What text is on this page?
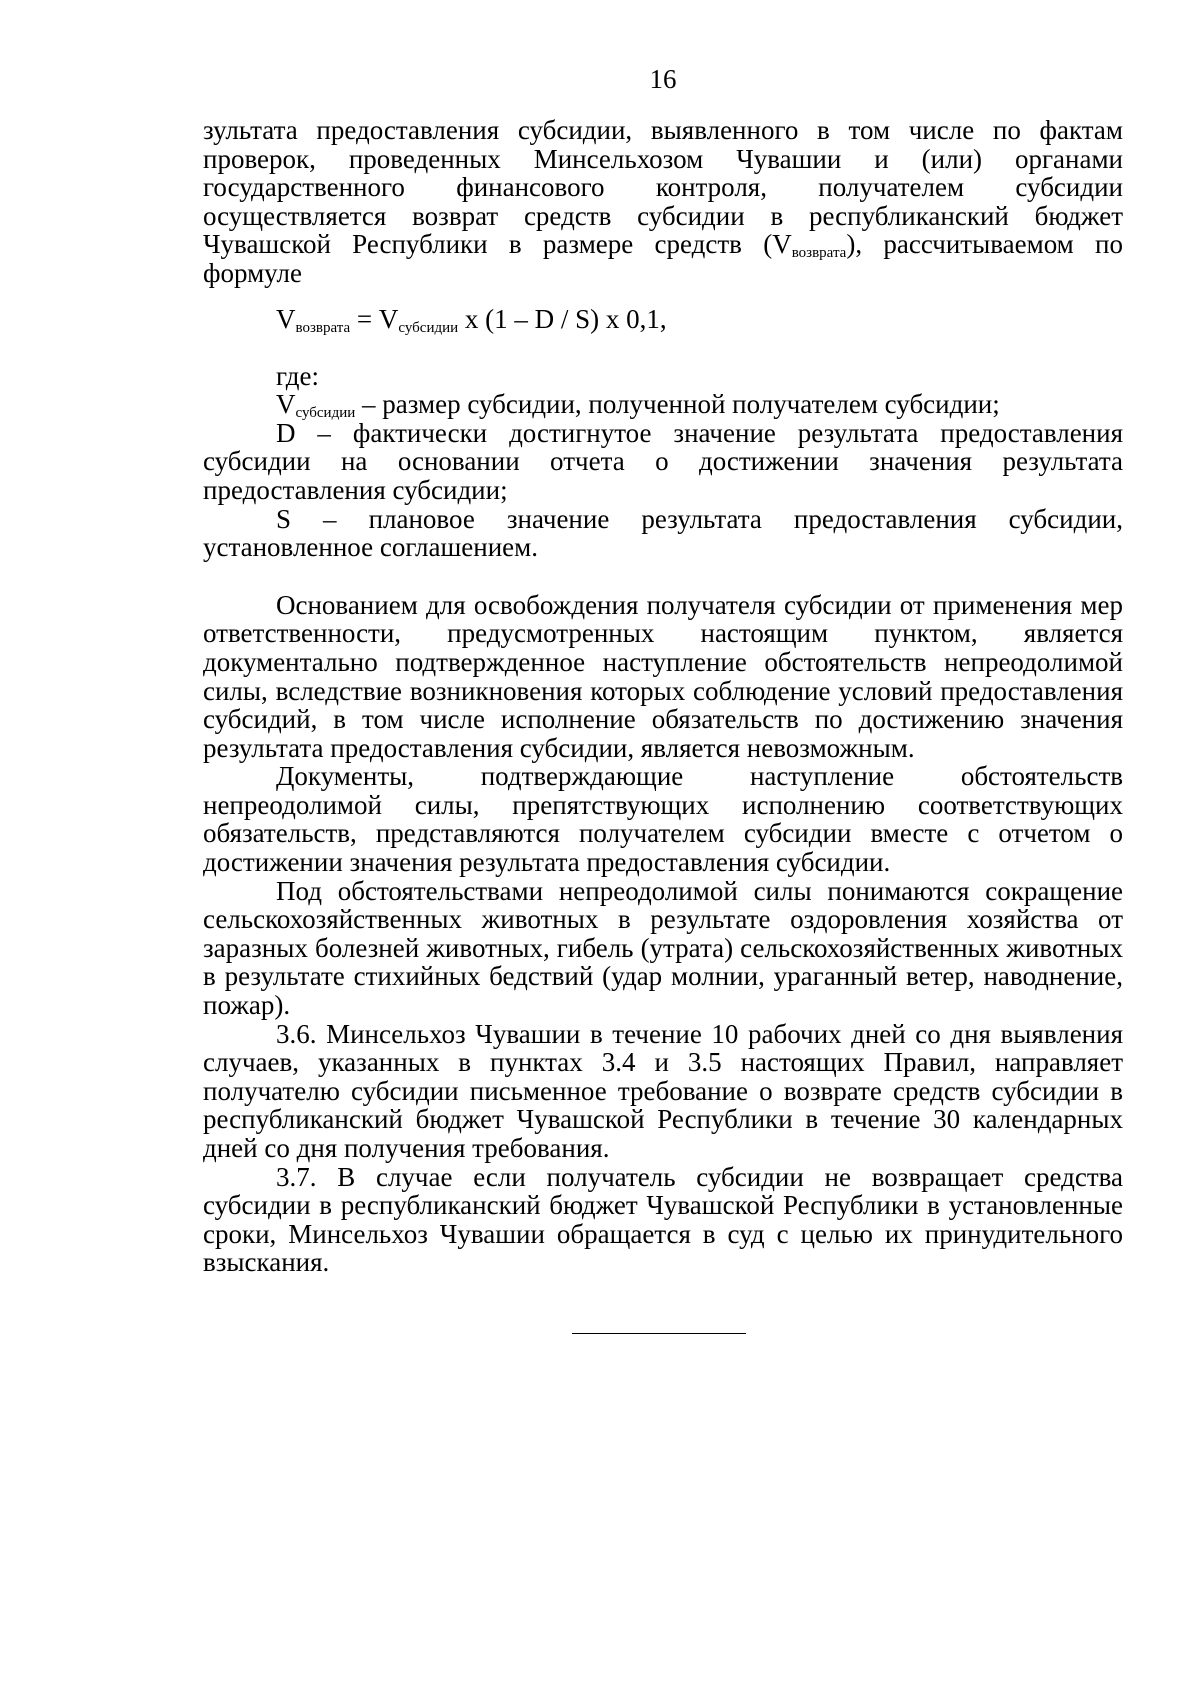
16

зультата предоставления субсидии, выявленного в том числе по фактам проверок, проведенных Минсельхозом Чувашии и (или) органами государственного финансового контроля, получателем субсидии осуществляется возврат средств субсидии в республиканский бюджет Чувашской Республики в размере средств $(V_{возврата})$, рассчитываемом по формуле

$V_{возврата} = V_{субсидии}$ х (1 – D / S) х 0,1,

где:

$V_{субсидии}$ – размер субсидии, полученной получателем субсидии;

D – фактически достигнутое значение результата предоставления субсидии на основании отчета о достижении значения результата предоставления субсидии;

S – плановое значение результата предоставления субсидии, установленное соглашением.

Основанием для освобождения получателя субсидии от применения мер ответственности, предусмотренных настоящим пунктом, является документально подтвержденное наступление обстоятельств непреодолимой силы, вследствие возникновения которых соблюдение условий предоставления субсидий, в том числе исполнение обязательств по достижению значения результата предоставления субсидии, является невозможным.

Документы, подтверждающие наступление обстоятельств непреодолимой силы, препятствующих исполнению соответствующих обязательств, представляются получателем субсидии вместе с отчетом о достижении значения результата предоставления субсидии.

Под обстоятельствами непреодолимой силы понимаются сокращение сельскохозяйственных животных в результате оздоровления хозяйства от заразных болезней животных, гибель (утрата) сельскохозяйственных животных в результате стихийных бедствий (удар молнии, ураганный ветер, наводнение, пожар).

3.6. Минсельхоз Чувашии в течение 10 рабочих дней со дня выявления случаев, указанных в пунктах 3.4 и 3.5 настоящих Правил, направляет получателю субсидии письменное требование о возврате средств субсидии в республиканский бюджет Чувашской Республики в течение 30 календарных дней со дня получения требования.

3.7. В случае если получатель субсидии не возвращает средства субсидии в республиканский бюджет Чувашской Республики в установленные сроки, Минсельхоз Чувашии обращается в суд с целью их принудительного взыскания.
